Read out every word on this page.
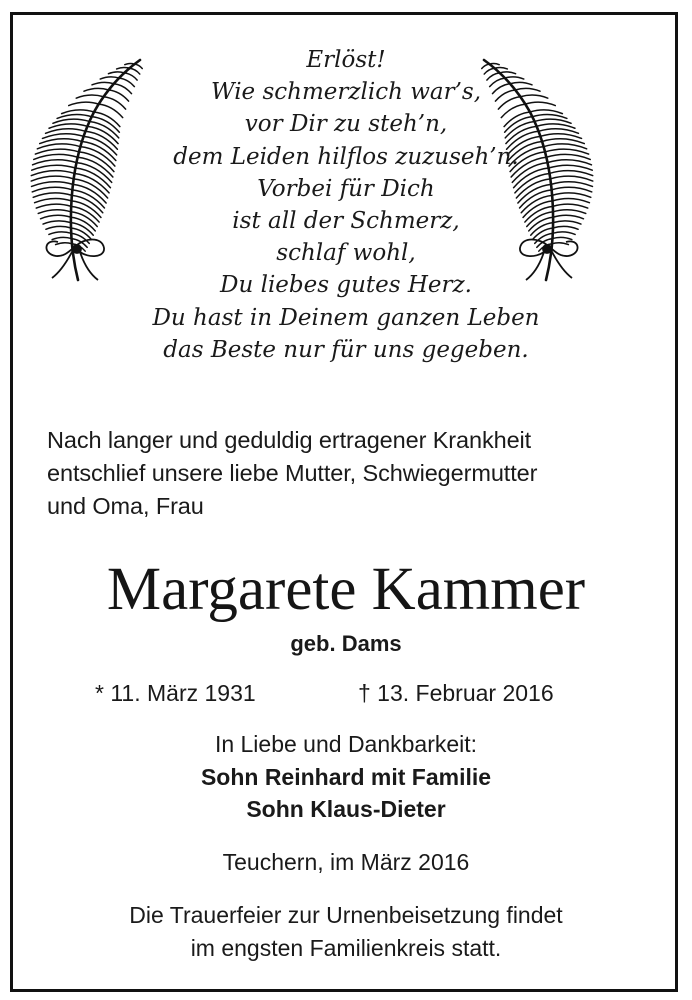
Erlöst!
Wie schmerzlich war’s,
vor Dir zu steh’n,
dem Leiden hilflos zuzuseh’n.
Vorbei für Dich
ist all der Schmerz,
schlaf wohl,
Du liebes gutes Herz.
Du hast in Deinem ganzen Leben
das Beste nur für uns gegeben.
Nach langer und geduldig ertragener Krankheit
entschlief unsere liebe Mutter, Schwiegermutter
und Oma, Frau
Margarete Kammer
geb. Dams
* 11. März 1931	† 13. Februar 2016
In Liebe und Dankbarkeit:
Sohn Reinhard mit Familie
Sohn Klaus-Dieter
Teuchern, im März 2016
Die Trauerfeier zur Urnenbeisetzung findet
im engsten Familienkreis statt.
